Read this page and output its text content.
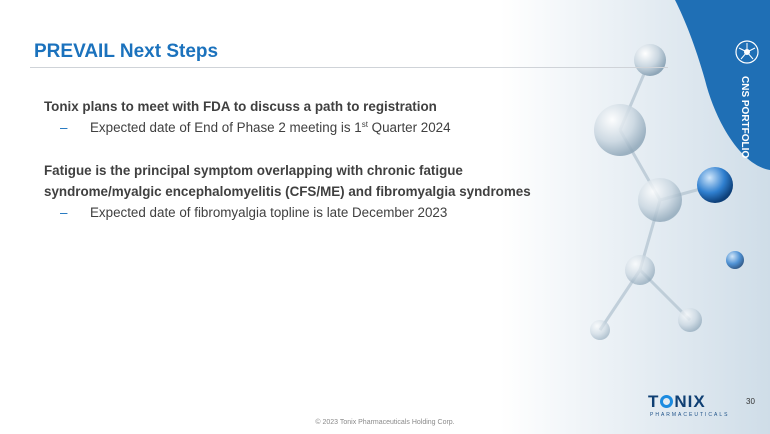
PREVAIL Next Steps

Tonix plans to meet with FDA to discuss a path to registration

–	Expected date of End of Phase 2 meeting is 1st Quarter 2024

Fatigue is the principal symptom overlapping with chronic fatigue
syndrome/myalgic encephalomyelitis (CFS/ME) and fibromyalgia syndromes

–	Expected date of fibromyalgia topline is late December 2023

CNS PORTFOLIO
T NIX
PHARMACEUTICALS
30
© 2023 Tonix Pharmaceuticals Holding Corp.
